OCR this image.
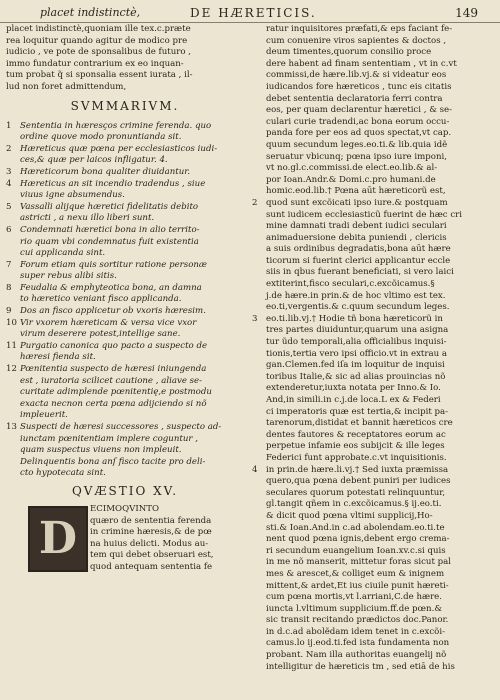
placet indistinctè,	DE HÆRETICIS.	149
placet indistinctè,quoniam ille tex.c.præte
rea loquitur quando agitur de modico pre
iudicio , ve pote de sponsalibus de futuro ,
immo fundatur contrarium ex eo inquan-
tum probat q̃ si sponsalia essent iurata , il-
lud non foret admittendum,
SVMMARIVM.
1 Sententia in hæresços crimine ferenda. quo
ordine quove modo pronuntianda sit.
2 Hæreticus quæ pœna per ecclesiasticos iudi-
ces,& quæ per laicos infligatur. 4.
3 Hæreticorum bona qualiter diuidantur.
4 Hæreticus an sit incendio tradendus , siue
viuus igne absumendus.
5 Vassalli alijque hæretici fidelitatis debito
astricti , a nexu illo liberi sunt.
6 Condemnati hæretici bona in alio territo-
rio quam vbi condemnatus fuit existentia
cui applicanda sint.
7 Forum etiam quis sortitur ratione personæ
super rebus alibi sitis.
8 Feudalia & emphyteotica bona, an damna
to hæretico veniant fisco applicanda.
9 Dos an fisco applicetur ob vxoris hæresim.
10 Vir vxorem hæreticam & versa vice vxor
virum deserere potest,intellige sane.
11 Purgatio canonica quo pacto a suspecto de
hæresi fienda sit.
12 Pœnitentia suspecto de hæresi iniungenda
est , iuratoria scilicet cautione , aliave se-
curitate adimplende pœnitentię,e postmodu
exacta necnon certa pœna adijciendo si nõ
impleuerit.
13 Suspecti de hæresi successores , suspecto ad-
iunctam pœnitentiam implere coguntur ,
quam suspectus viuens non impleuit.
Delinquentis bona anſ fisco tacite pro deli-
cto hypotecata sint.
QVÆSTIO XV.
D
ECIMOQVINTO
quæro de sententia ferenda
in crimine hæresis,& de pœ
na huius delicti. Modus au-
tem qui debet obseruari est,
quod antequam sententia fe
ratur inquisitores præfati,& eps faciant fe-
cum conuenire viros sapientes & doctos ,
deum timentes,quorum consilio proce
dere habent ad finam sententiam , vt in c.vt
commissi,de hære.lib.vj.& si videatur eos
iudicandos fore hæreticos , tunc eis citatis
debet sententia declaratoria ferri contra
eos, per quam declarentur hæretici , & se-
culari curie tradendi,ac bona eorum occu-
panda fore per eos ad quos spectat,vt cap.
quum secundum leges.eo.ti.& lib.quia idẽ
seruatur vbicunq; pœna ipso iure imponi,
vt no.gl.c.commissi.de elect.eo.lib.& al-
por Ioan.Andr.& Domi.c.pro humani.de
homic.eod.lib.† Pœna aūt hæreticorũ est,
2 quod sunt excõicati ipso iure.& postquam
sunt iudicem ecclesiasticũ fuerint de hæc cri
mine damnati tradi debent iudici seculari
animaduersione debita puniendi , clericis
a suis ordinibus degradatis,bona aūt hære
ticorum si fuerint clerici applicantur eccle
siis in qbus fuerant beneficiati, si vero laici
extiterint,fisco seculari,c.excõicamus.§
j.de hære.in prin.& de hoc vltimo est tex.
eo.ti,vergentis.& c.quum secundum leges.
3 eo.ti.lib.vj.† Hodie tñ bona hæreticorũ in
tres partes diuiduntur,quarum una asigna
tur ũdo temporali,alia officialibus inquisi-
tionis,tertia vero ipsi officio.vt in extrau a
gan.Clemen.fed iſa im loquitur de inquisi
toribus Italie,& sic ad alias prouincias nõ
extenderetur,iuxta notata per Inno.& Io.
And,in simili.in c.j.de loca.L ex & Federi
ci imperatoris quæ est tertia,& incipit pa-
tarenorum,distidat et bannit hæreticos cre
dentes fautores & receptatores eorum ac
perpetue infamie eos subijcit & ille leges
Federici funt approbate.c.vt inquisitionis.
4 in prin.de hære.li.vj.† Sed iuxta præmissa
quero,qua pœna debent puniri per iudices
seculares quorum potestati relinquuntur,
gl.tangit qñem in c.excõicamus.§ ij.eo.ti.
& dicit quod pœna vltimi supplicij,Ho-
sti.& Ioan.And.in c.ad abolendam.eo.ti.te
nent quod pœna ignis,debent ergo crema-
ri secundum euangelium Ioan.xv.c.si quis
in me nõ manserit, mittetur foras sicut pal
mes & arescet,& colliget eum & inignem
mittent,& ardet,Et ius ciuile punit hæreti-
cum pœna mortis,vt l.arriani,C.de hære.
iuncta l.vltimum supplicium.ff.de pœn.&
sic transit recitando prædictos doc.Panor.
in d.c.ad abolẽdam idem tenet in c.excõi-
camus.lo ij.eod.ti.fed ista fundamenta non
probant. Nam illa authoritas euangelij nõ
intelligitur de hæreticis tm , sed etiā de his
